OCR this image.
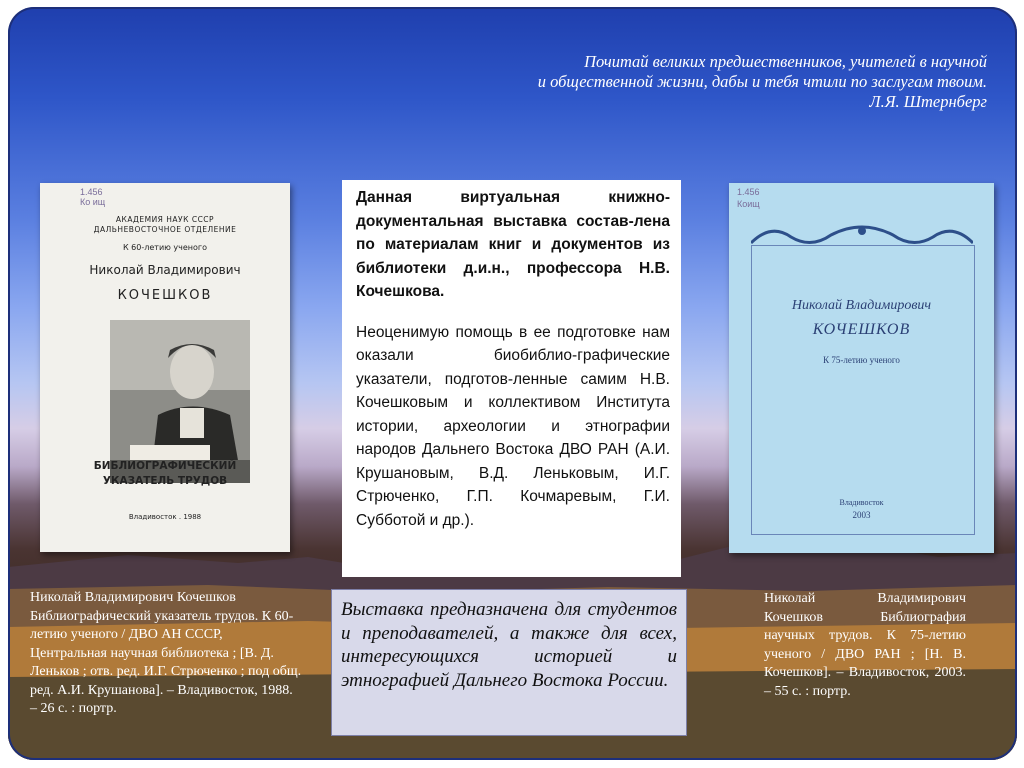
Почитай великих предшественников, учителей в научной
и общественной жизни, дабы и тебя чтили по заслугам твоим.
Л.Я. Штернберг
1.456
Ко ищ
АКАДЕМИЯ НАУК СССР
ДАЛЬНЕВОСТОЧНОЕ ОТДЕЛЕНИЕ
К 60-летию ученого
Николай Владимирович
КОЧЕШКОВ
БИБЛИОГРАФИЧЕСКИЙ
УКАЗАТЕЛЬ ТРУДОВ
Владивосток . 1988
1.456
Коищ
Николай Владимирович
КОЧЕШКОВ
К 75-летию ученого
Владивосток
2003

Данная виртуальная книжно-документальная выставка состав-лена по материалам книг и документов из библиотеки д.и.н., профессора Н.В. Кочешкова.

Неоценимую помощь в ее подготовке нам оказали биобиблио-графические указатели, подготов-ленные самим Н.В. Кочешковым и коллективом Института истории, археологии и этнографии народов Дальнего Востока ДВО РАН (А.И. Крушановым, В.Д. Леньковым, И.Г. Стрюченко, Г.П. Кочмаревым, Г.И. Субботой и др.).

Николай Владимирович Кочешков Библиографический указатель трудов. К 60-летию ученого / ДВО АН СССР, Центральная научная библиотека ; [В. Д. Леньков ; отв. ред. И.Г. Стрюченко ; под общ. ред. А.И. Крушанова]. – Владивосток, 1988. – 26 с. : портр.
Николай Владимирович Кочешков Библиография научных трудов. К 75-летию ученого / ДВО РАН ; [Н. В. Кочешков]. – Владивосток, 2003. – 55 с. : портр.
Выставка предназначена для студентов и преподавателей, а также для всех, интересующихся историей и этнографией Дальнего Востока России.
